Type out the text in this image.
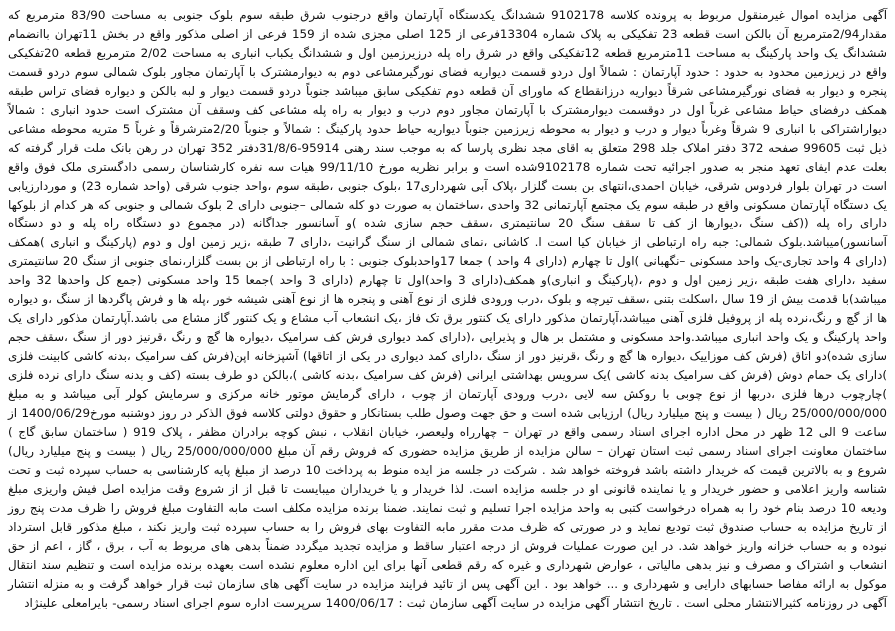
آگهی مزایده اموال غیرمنقول مربوط به پرونده کلاسه 9102178 ششدانگ یکدستگاه آپارتمان واقع درجنوب شرق طبقه سوم بلوک جنوبی به مساحت 83/90 مترمربع که مقدار2/94مترمربع آن بالکن است قطعه 23 تفکیکی به پلاک شماره 13304فرعی از 125 اصلی مجزی شده از 159 فرعی از اصلی مذکور واقع در بخش 11تهران باانضمام ششدانگ یک واحد پارکینگ به مساحت 11مترمربع قطعه 12تفکیکی واقع در شرق راه پله درزیرزمین اول و ششدانگ یکباب انباری به مساحت 2/02 مترمربع قطعه 20تفکیکی واقع در زیرزمین محدود به حدود : حدود آپارتمان : شمالاً اول دردو قسمت دیواریه فضای نورگیرمشاعی دوم به دیوارمشترک با آپارتمان مجاور بلوک شمالی سوم دردو قسمت پنجره و دیوار به فضای نورگیرمشاعی شرقاً دیواریه درزانقطاع که ماورای آن قطعه دوم تفکیکی سابق میباشد جنوباً دردو قسمت دیوار و لبه بالکن و دیواره فضای تراس طبقه همکف درفضای حیاط مشاعی غرباً اول در دوقسمت دیوارمشترک با آپارتمان مجاور دوم درب و دیوار به راه پله مشاعی کف وسقف آن مشترک است حدود انباری : شمالاً دیواراشتراکی با انباری 9 شرقاً وغرباً دیوار و درب و دیوار به محوطه زیرزمین جنوباً دیواریه حیاط حدود پارکینگ : شمالاً و جنوباً 2/20مترشرقاً و غرباً 5 متریه محوطه مشاعی ذیل ثبت 99605 صفحه 372 دفتر املاک جلد 298 متعلق به اقای مجد نظری پارسا که به موجب سند رهنی 95914-31/8/6دفتر 352 تهران در رهن بانک ملت قرار گرفته که بعلت عدم ایفای تعهد منجر به صدور اجرائیه تحت شماره 9102178شده است و برابر نظریه مورخ 99/11/10 هیات سه نفره کارشناسان رسمی دادگستری ملک فوق واقع است در تهران بلوار فردوس شرقی، خیابان احمدی،انتهای بن بست گلزار ،پلاک آبی شهرداری17 ،بلوک جنوبی ،طبقه سوم ،واحد جنوب شرقی (واحد شماره 23) و موردارزیابی یک دستگاه آپارتمان مسکونی واقع در طبقه سوم یک مجتمع آپارتمانی 32 واحدی ،ساختمان به صورت دو کله شمالی –جنوبی دارای 2 بلوک شمالی و جنوبی که هر کدام از بلوکها دارای راه پله ((کف سنگ ،دیوارها از کف تا سقف سنگ 20 سانتیمتری ،سقف حجم سازی شده )و آسانسور جداگانه (در مجموع دو دستگاه راه پله و دو دستگاه آسانسور)میباشد.بلوک شمالی: جبه راه ارتباطی از خیابان کیا است ا. کاشانی ،نمای شمالی از سنگ گرانیت ،دارای 7 طبقه ،زیر زمین اول و دوم (پارکینگ و انباری )همکف (دارای 4 واحد تجاری-یک واحد مسکونی –نگهبانی )اول تا چهارم (دارای 4 واحد ) جمعا 17واحدبلوک جنوبی : با راه ارتباطی از بن بست گلزار،نمای جنوبی از سنگ 20 سانتیمتری سفید ،دارای هفت طبقه ،زیر زمین اول و دوم ،(پارکینگ و انباری)و همکف(دارای 3 واحد)اول تا چهارم (دارای 3 واحد )جمعا 15 واحد مسکونی (جمع کل واحدها 32 واحد میباشد)با قدمت بیش از 19 سال ،اسکلت بتنی ،سقف تیرچه و بلوک ،درب ورودی فلزی از نوع آهنی و پنجره ها از نوع آهنی شیشه خور ،پله ها و فرش پاگردها از سنگ ،و دیواره ها از گچ و رنگ،نرده پله از پروفیل فلزی آهنی میباشد،آپارتمان مذکور دارای یک کنتور برق تک فاز ،یک انشعاب آب مشاع و یک کنتور گاز مشاع می باشد.آپارتمان مذکور دارای یک واحد پارکینگ و یک واحد انباری میباشد.واحد مسکونی و مشتمل بر هال و پذیرایی ،(دارای کمد دیواری فرش کف سرامیک ،دیواره ها گچ و رنگ ،قرنیز دور از سنگ ،سقف حجم سازی شده)دو اتاق (فرش کف موزاییک ،دیواره ها گچ و رنگ ،قرنیز دور از سنگ ،دارای کمد دیواری در یکی از اتاقها) آشپزخانه اپن(فرش کف سرامیک ،بدنه کاشی کابینت فلزی )دارای یک حمام دوش (فرش کف سرامیک بدنه کاشی )یک سرویس بهداشتی ایرانی (فرش کف سرامیک ،بدنه کاشی )،بالکن دو طرف بسته (کف و بدنه سنگ دارای نرده فلزی )چارچوب درها فلزی ،دربها از نوع چوبی با روکش سه لایی ،درب ورودی آپارتمان از چوب ، دارای گرمایش موتور خانه مرکزی و سرمایش کولر آبی میباشد و به مبلغ 25/000/000/000 ریال ( بیست و پنج میلیارد ریال) ارزیابی شده است و حق جهت وصول طلب بستانکار و حقوق دولتی کلاسه فوق الذکر در روز دوشنبه مورخ1400/06/29 از ساعت 9 الی 12 ظهر در محل اداره اجرای اسناد رسمی واقع در تهران – چهارراه ولیعصر، خیابان انقلاب ، نبش کوچه برادران مظفر ، پلاک 919 ( ساختمان سابق گاج ) ساختمان معاونت اجرای اسناد رسمی ثبت استان تهران – سالن مزایده از طریق مزایده حضوری که فروش رقم آن مبلغ 25/000/000/000 ریال ( بیست و پنج میلیارد ریال) شروع و به بالاترین قیمت که خریدار داشته باشد فروخته خواهد شد . شرکت در جلسه مز ایده منوط به پرداخت 10 درصد از مبلغ پایه کارشناسی به حساب سپرده ثبت و تحت شناسه واریز اعلامی و حضور خریدار و یا نماینده قانونی او در جلسه مزایده است. لذا خریدار و یا خریداران میبایست تا قبل از از شروع وقت مزایده اصل فیش واریزی مبلغ ودیعه 10 درصد بنام خود را به همراه درخواست کتبی به واحد مزایده اجرا تسلیم و ثبت نمایند. ضمنا برنده مزایده مکلف است مابه التفاوت مبلغ فروش را ظرف مدت پنج روز از تاریخ مزایده به حساب صندوق ثبت تودیع نماید و در صورتی که ظرف مدت مقرر مابه التفاوت بهای فروش را به حساب سپرده ثبت واریز نکند ، مبلغ مذکور قابل استرداد نبوده و به حساب خزانه واریز خواهد شد. در این صورت عملیات فروش از درجه اعتبار ساقط و مزایده تجدید میگردد ضمناً بدهی های مربوط به آب ، برق ، گاز ، اعم از حق انشعاب و اشتراک و مصرف و نیز بدهی مالیاتی ، عوارض شهرداری و غیره که رقم قطعی آنها برای این اداره معلوم نشده است بعهده برنده مزایده است و تنظیم سند انتقال موکول به ارائه مفاصا حسابهای دارایی و شهرداری و ... خواهد بود . این آگهی پس از تائید فرایند مزایده در سایت آگهی های سازمان ثبت قرار خواهد گرفت و به منزله انتشار آگهی در روزنامه کثیرالانتشار محلی است . تاریخ انتشار آگهی مزایده در سایت آگهی سازمان ثبت : 1400/06/17 سرپرست اداره سوم اجرای اسناد رسمی- بایرامعلی علینژاد
